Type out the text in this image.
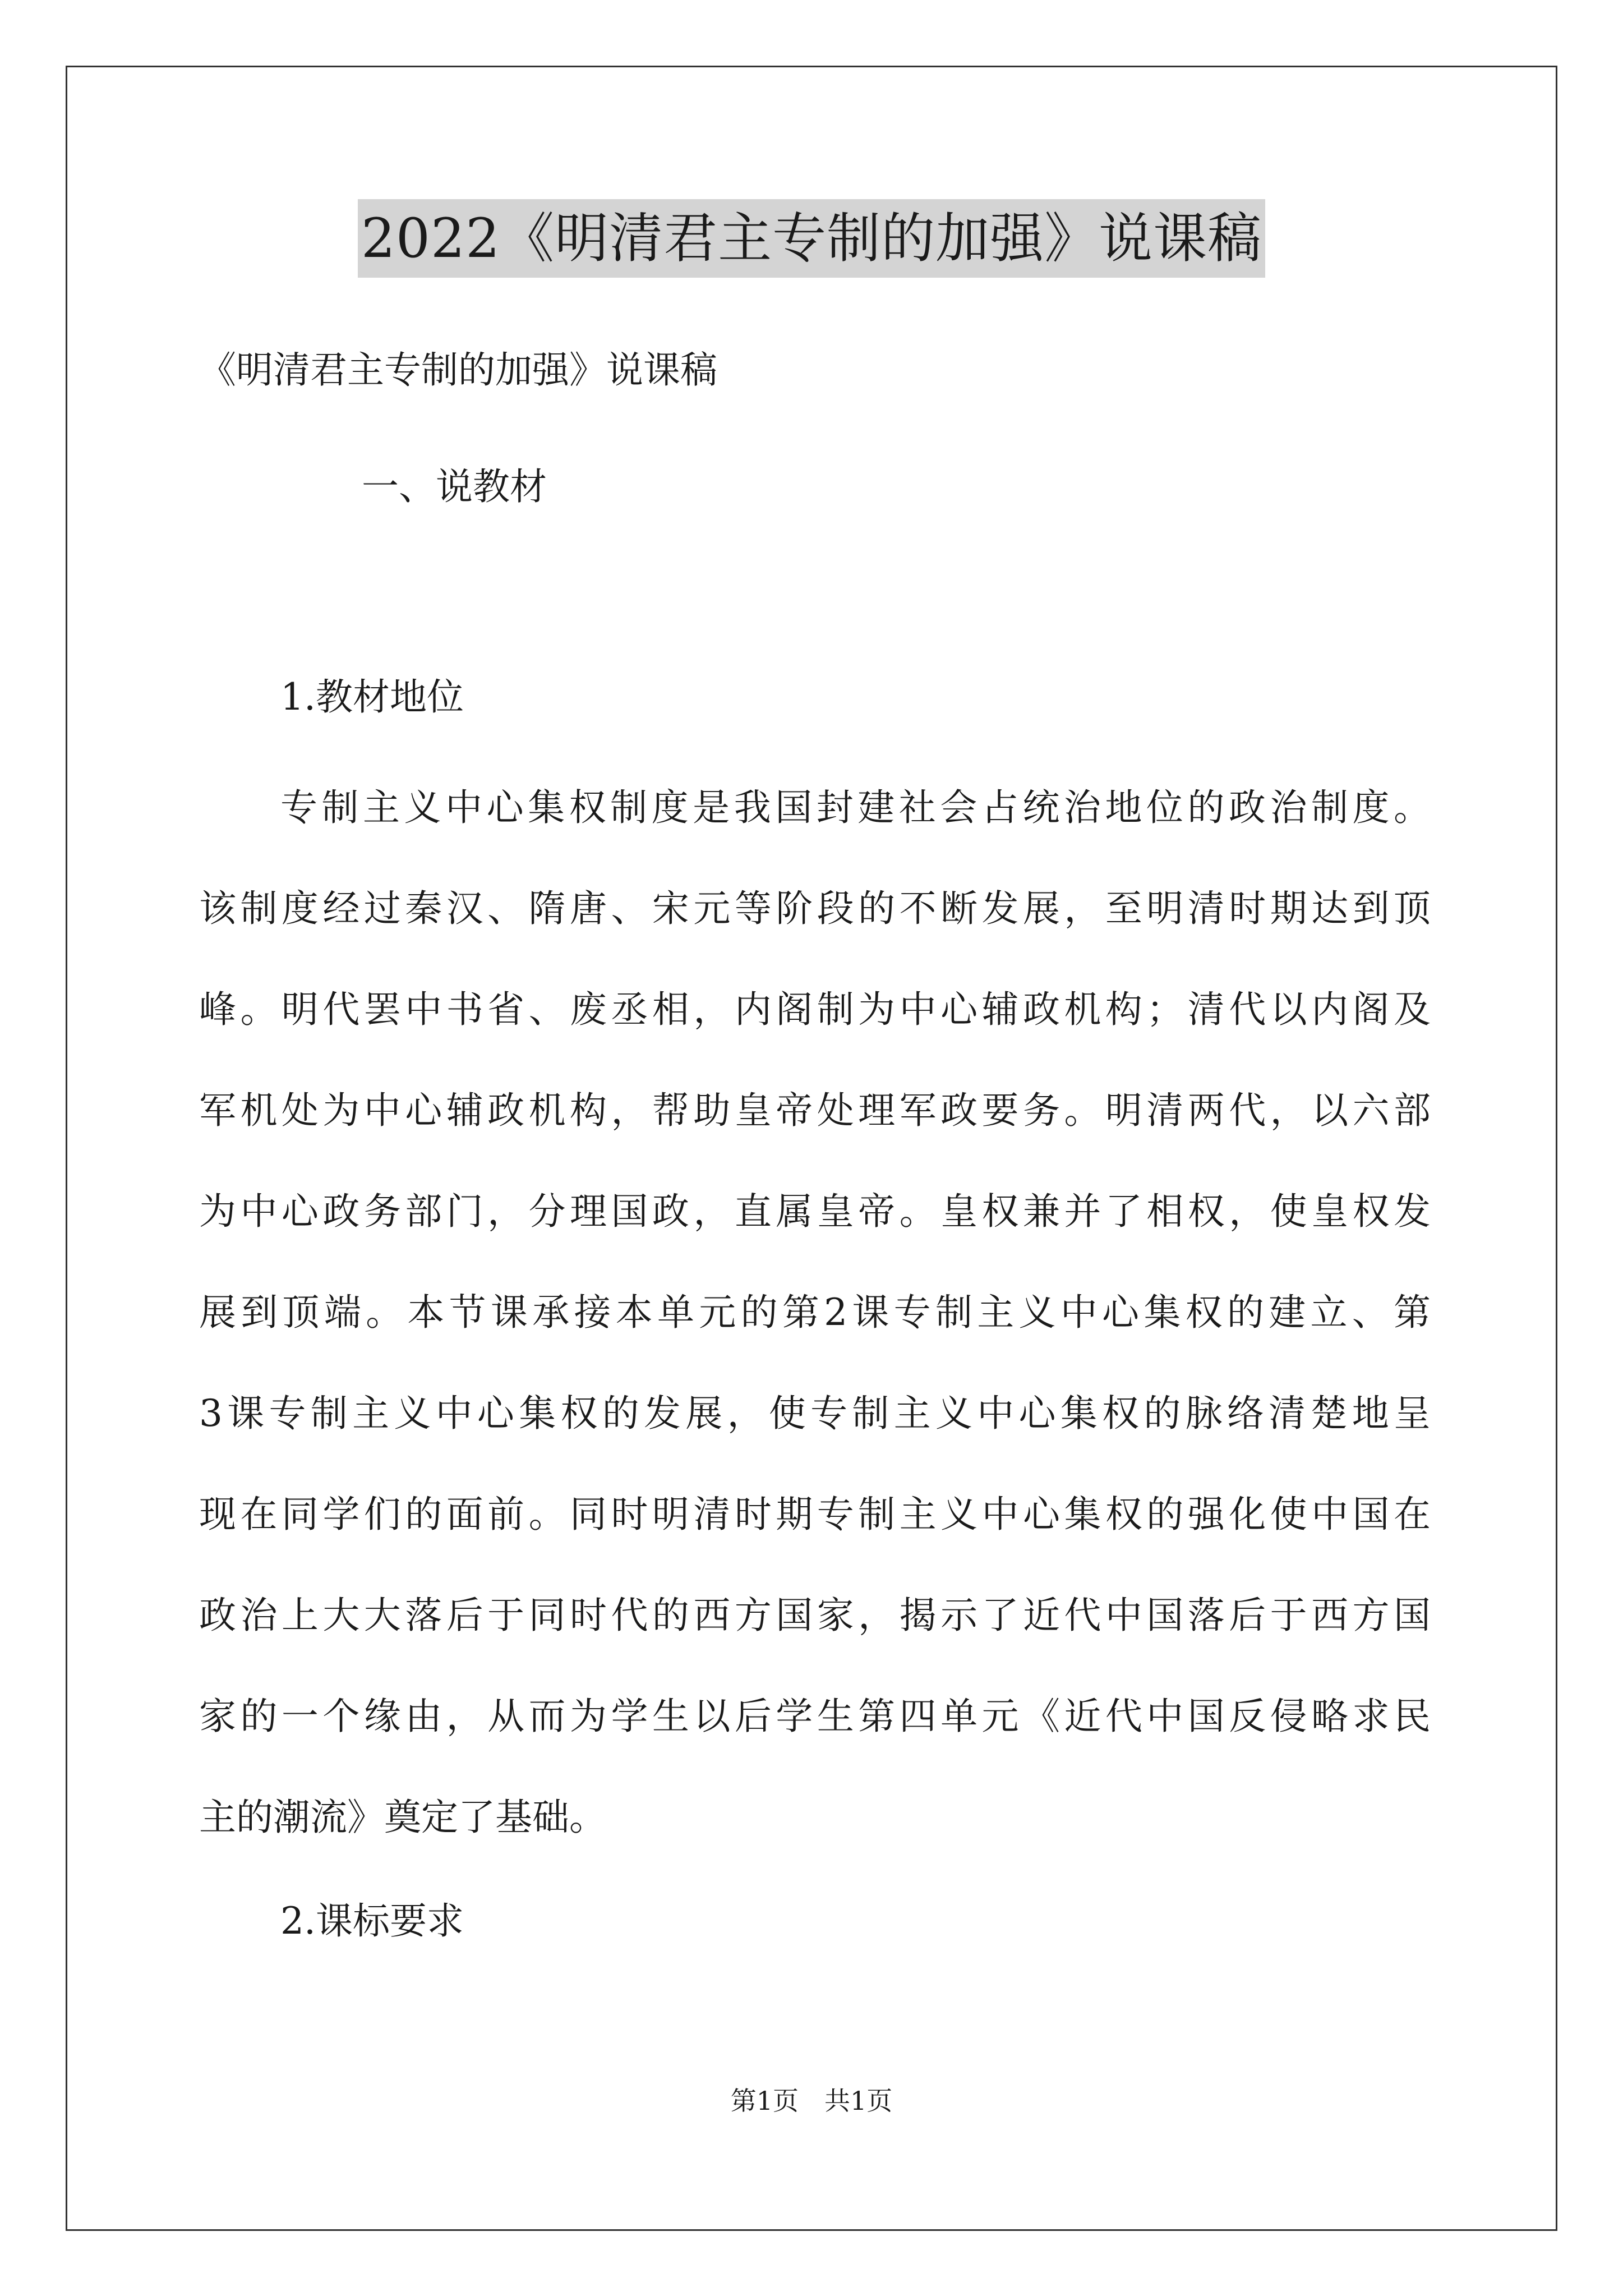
2022《明清君主专制的加强》说课稿
《明清君主专制的加强》说课稿
一、说教材
1.教材地位
专制主义中心集权制度是我国封建社会占统治地位的政治制度。
该制度经过秦汉、隋唐、宋元等阶段的不断发展，至明清时期达到顶
峰。明代罢中书省、废丞相，内阁制为中心辅政机构；清代以内阁及
军机处为中心辅政机构，帮助皇帝处理军政要务。明清两代，以六部
为中心政务部门，分理国政，直属皇帝。皇权兼并了相权，使皇权发
展到顶端。本节课承接本单元的第2课专制主义中心集权的建立、第
3课专制主义中心集权的发展，使专制主义中心集权的脉络清楚地呈
现在同学们的面前。同时明清时期专制主义中心集权的强化使中国在
政治上大大落后于同时代的西方国家，揭示了近代中国落后于西方国
家的一个缘由，从而为学生以后学生第四单元《近代中国反侵略求民
主的潮流》奠定了基础。
2.课标要求
第1页　共1页
